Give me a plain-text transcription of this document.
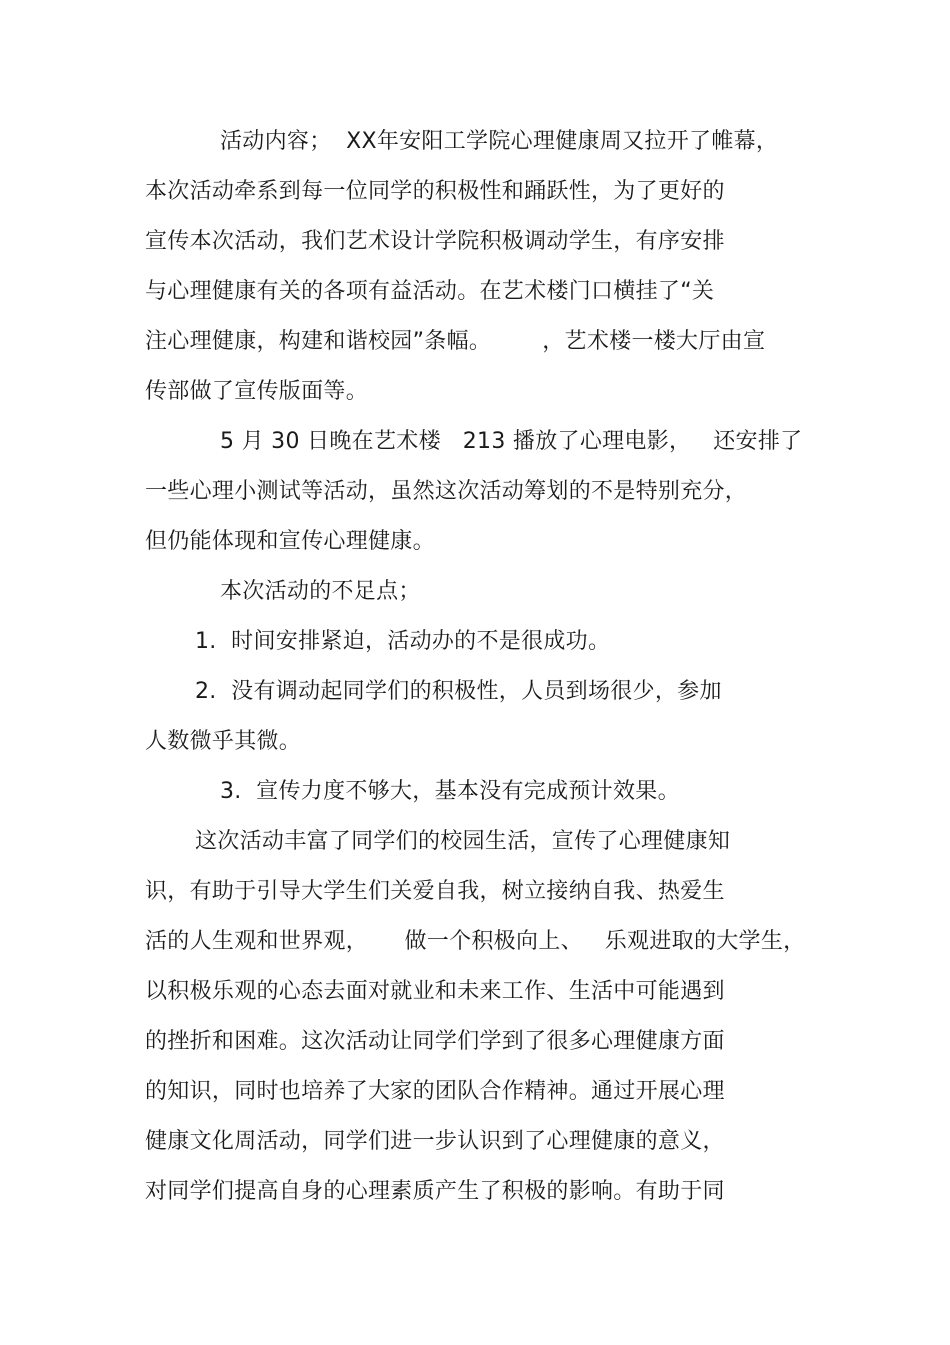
活动内容；  XX年安阳工学院心理健康周又拉开了帷幕，
本次活动牵系到每一位同学的积极性和踊跃性，为了更好的
宣传本次活动，我们艺术设计学院积极调动学生，有序安排
与心理健康有关的各项有益活动。在艺术楼门口横挂了“关
注心理健康，构建和谐校园”条幅。       ，艺术楼一楼大厅由宣
传部做了宣传版面等。
5 月 30 日晚在艺术楼   213 播放了心理电影，   还安排了
一些心理小测试等活动，虽然这次活动筹划的不是特别充分，
但仍能体现和宣传心理健康。
本次活动的不足点；
1.  时间安排紧迫，活动办的不是很成功。
2.  没有调动起同学们的积极性，人员到场很少，参加
人数微乎其微。
3.  宣传力度不够大，基本没有完成预计效果。
这次活动丰富了同学们的校园生活，宣传了心理健康知
识，有助于引导大学生们关爱自我，树立接纳自我、热爱生
活的人生观和世界观，     做一个积极向上、   乐观进取的大学生，
以积极乐观的心态去面对就业和未来工作、生活中可能遇到
的挫折和困难。这次活动让同学们学到了很多心理健康方面
的知识，同时也培养了大家的团队合作精神。通过开展心理
健康文化周活动，同学们进一步认识到了心理健康的意义，
对同学们提高自身的心理素质产生了积极的影响。有助于同
